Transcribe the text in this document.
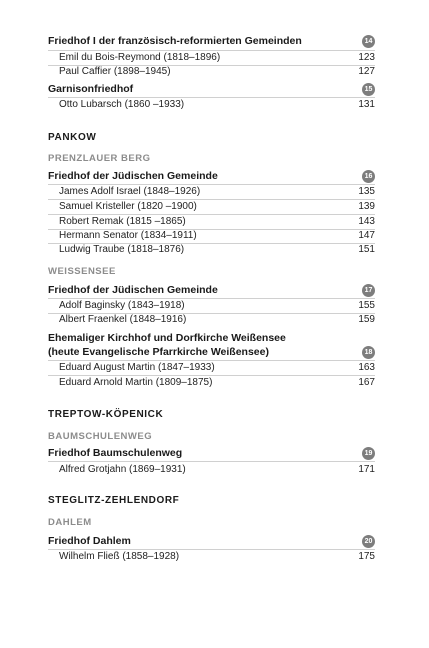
Friedhof I der französisch-reformierten Gemeinden	14
Emil du Bois-Reymond (1818–1896)	123
Paul Caffier (1898–1945)	127
Garnisonfriedhof	15
Otto Lubarsch (1860 –1933)	131
PANKOW
PRENZLAUER BERG
Friedhof der Jüdischen Gemeinde	16
James Adolf Israel (1848–1926)	135
Samuel Kristeller (1820 –1900)	139
Robert Remak (1815 –1865)	143
Hermann Senator (1834–1911)	147
Ludwig Traube (1818–1876)	151
WEISSENSEE
Friedhof der Jüdischen Gemeinde	17
Adolf Baginsky (1843–1918)	155
Albert Fraenkel (1848–1916)	159
Ehemaliger Kirchhof und Dorfkirche Weißensee
(heute Evangelische Pfarrkirche Weißensee)	18
Eduard August Martin (1847–1933)	163
Eduard Arnold Martin (1809–1875)	167
TREPTOW-KÖPENICK
BAUMSCHULENWEG
Friedhof Baumschulenweg	19
Alfred Grotjahn (1869–1931)	171
STEGLITZ-ZEHLENDORF
DAHLEM
Friedhof Dahlem	20
Wilhelm Fließ (1858–1928)	175
